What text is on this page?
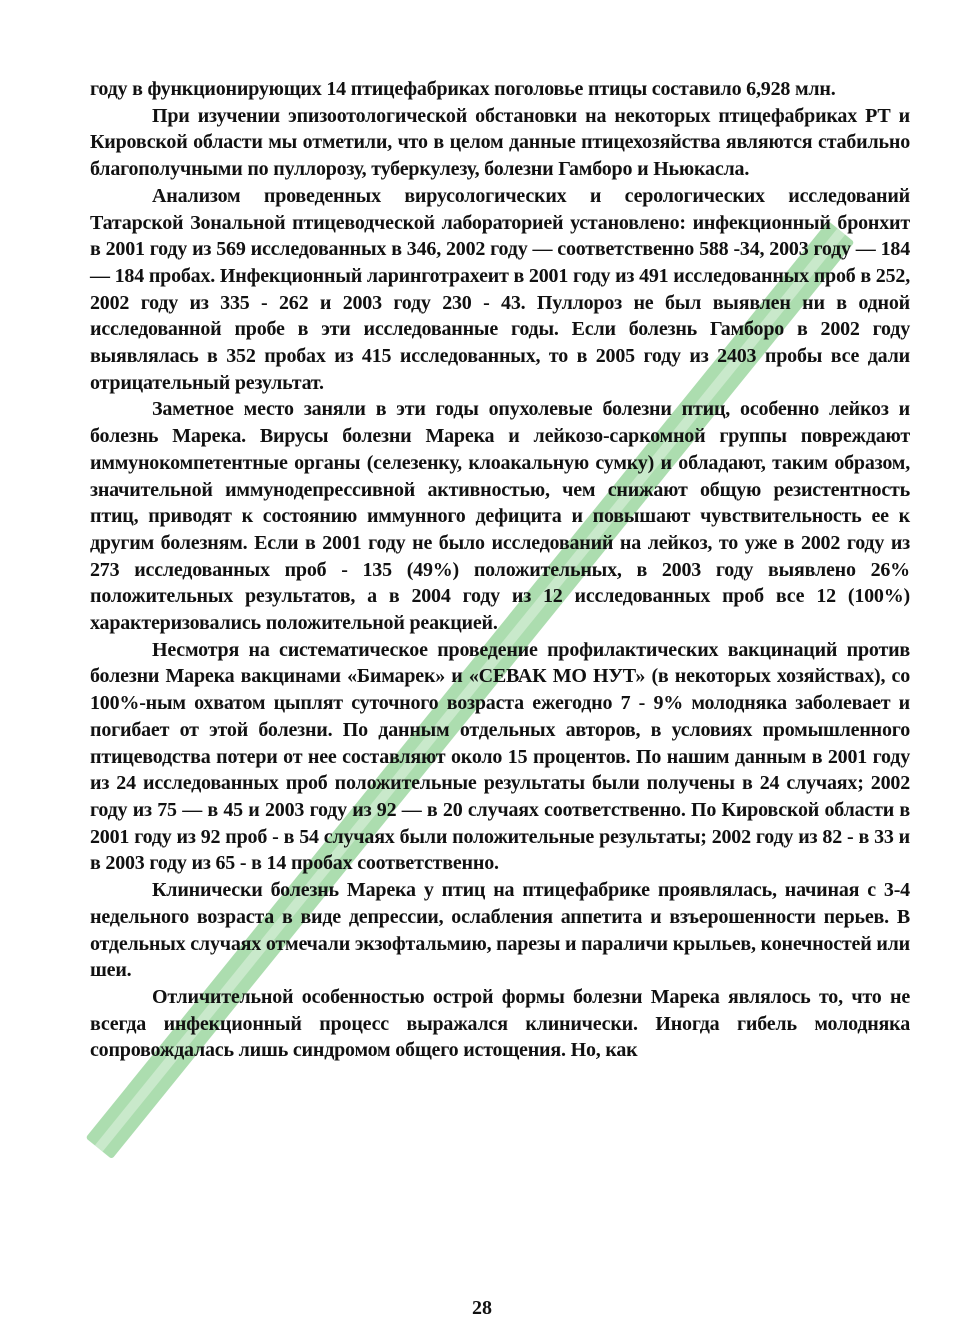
году в функционирующих 14 птицефабриках поголовье птицы составило 6,928 млн.

При изучении эпизоотологической обстановки на некоторых птицефабриках РТ и Кировской области мы отметили, что в целом данные птицехозяйства являются стабильно благополучными по пуллорозу, туберкулезу, болезни Гамборо и Ньюкасла.

Анализом проведенных вирусологических и серологических исследований Татарской Зональной птицеводческой лабораторией установлено: инфекционный бронхит в 2001 году из 569 исследованных в 346, 2002 году — соответственно 588 -34, 2003 году — 184 — 184 пробах. Инфекционный ларинготрахеит в 2001 году из 491 исследованных проб в 252, 2002 году из 335 - 262 и 2003 году 230 - 43. Пуллороз не был выявлен ни в одной исследованной пробе в эти исследованные годы. Если болезнь Гамборо в 2002 году выявлялась в 352 пробах из 415 исследованных, то в 2005 году из 2403 пробы все дали отрицательный результат.

Заметное место заняли в эти годы опухолевые болезни птиц, особенно лейкоз и болезнь Марека. Вирусы болезни Марека и лейкозо-саркомной группы повреждают иммунокомпетентные органы (селезенку, клоакальную сумку) и обладают, таким образом, значительной иммунодепрессивной активностью, чем снижают общую резистентность птиц, приводят к состоянию иммунного дефицита и повышают чувствительность ее к другим болезням. Если в 2001 году не было исследований на лейкоз, то уже в 2002 году из 273 исследованных проб - 135 (49%) положительных, в 2003 году выявлено 26% положительных результатов, а в 2004 году из 12 исследованных проб все 12 (100%) характеризовались положительной реакцией.

Несмотря на систематическое проведение профилактических вакцинаций против болезни Марека вакцинами «Бимарек» и «СЕВАК МО НУТ» (в некоторых хозяйствах), со 100%-ным охватом цыплят суточного возраста ежегодно 7 - 9% молодняка заболевает и погибает от этой болезни. По данным отдельных авторов, в условиях промышленного птицеводства потери от нее составляют около 15 процентов. По нашим данным в 2001 году из 24 исследованных проб положительные результаты были получены в 24 случаях; 2002 году из 75 — в 45 и 2003 году из 92 — в 20 случаях соответственно. По Кировской области в 2001 году из 92 проб - в 54 случаях были положительные результаты; 2002 году из 82 - в 33 и в 2003 году из 65 - в 14 пробах соответственно.

Клинически болезнь Марека у птиц на птицефабрике проявлялась, начиная с 3-4 недельного возраста в виде депрессии, ослабления аппетита и взъерошенности перьев. В отдельных случаях отмечали экзофтальмию, парезы и параличи крыльев, конечностей или шеи.

Отличительной особенностью острой формы болезни Марека являлось то, что не всегда инфекционный процесс выражался клинически. Иногда гибель молодняка сопровождалась лишь синдромом общего истощения. Но, как

28
